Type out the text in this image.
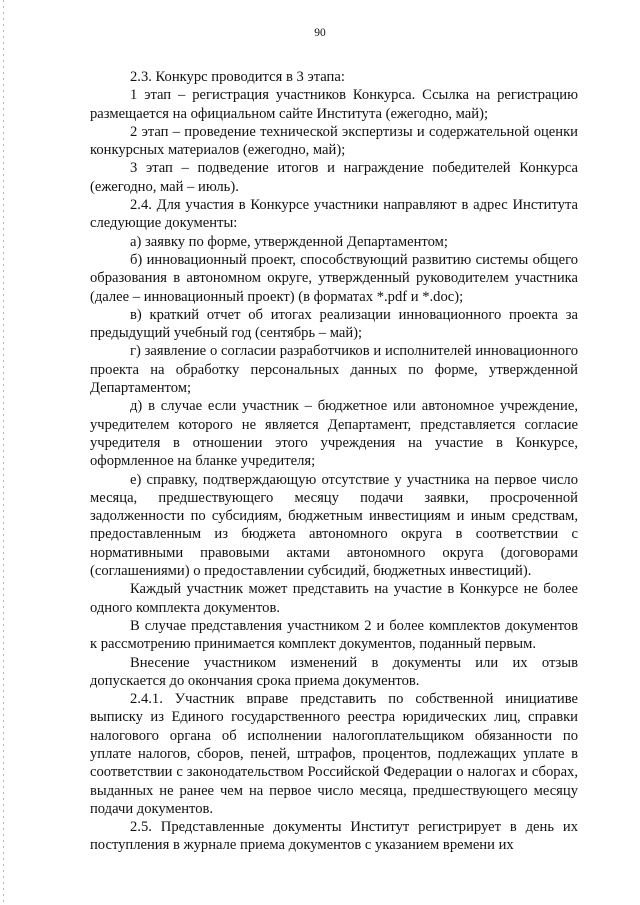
90

2.3. Конкурс проводится в 3 этапа:

1 этап – регистрация участников Конкурса. Ссылка на регистрацию размещается на официальном сайте Института (ежегодно, май);

2 этап – проведение технической экспертизы и содержательной оценки конкурсных материалов (ежегодно, май);

3 этап – подведение итогов и награждение победителей Конкурса (ежегодно, май – июль).

2.4. Для участия в Конкурсе участники направляют в адрес Института следующие документы:

а) заявку по форме, утвержденной Департаментом;

б) инновационный проект, способствующий развитию системы общего образования в автономном округе, утвержденный руководителем участника (далее – инновационный проект) (в форматах *.pdf и *.doc);

в) краткий отчет об итогах реализации инновационного проекта за предыдущий учебный год (сентябрь – май);

г) заявление о согласии разработчиков и исполнителей инновационного проекта на обработку персональных данных по форме, утвержденной Департаментом;

д) в случае если участник – бюджетное или автономное учреждение, учредителем которого не является Департамент, представляется согласие учредителя в отношении этого учреждения на участие в Конкурсе, оформленное на бланке учредителя;

е) справку, подтверждающую отсутствие у участника на первое число месяца, предшествующего месяцу подачи заявки, просроченной задолженности по субсидиям, бюджетным инвестициям и иным средствам, предоставленным из бюджета автономного округа в соответствии с нормативными правовыми актами автономного округа (договорами (соглашениями) о предоставлении субсидий, бюджетных инвестиций).

Каждый участник может представить на участие в Конкурсе не более одного комплекта документов.

В случае представления участником 2 и более комплектов документов к рассмотрению принимается комплект документов, поданный первым.

Внесение участником изменений в документы или их отзыв допускается до окончания срока приема документов.

2.4.1. Участник вправе представить по собственной инициативе выписку из Единого государственного реестра юридических лиц, справки налогового органа об исполнении налогоплательщиком обязанности по уплате налогов, сборов, пеней, штрафов, процентов, подлежащих уплате в соответствии с законодательством Российской Федерации о налогах и сборах, выданных не ранее чем на первое число месяца, предшествующего месяцу подачи документов.

2.5. Представленные документы Институт регистрирует в день их поступления в журнале приема документов с указанием времени их
